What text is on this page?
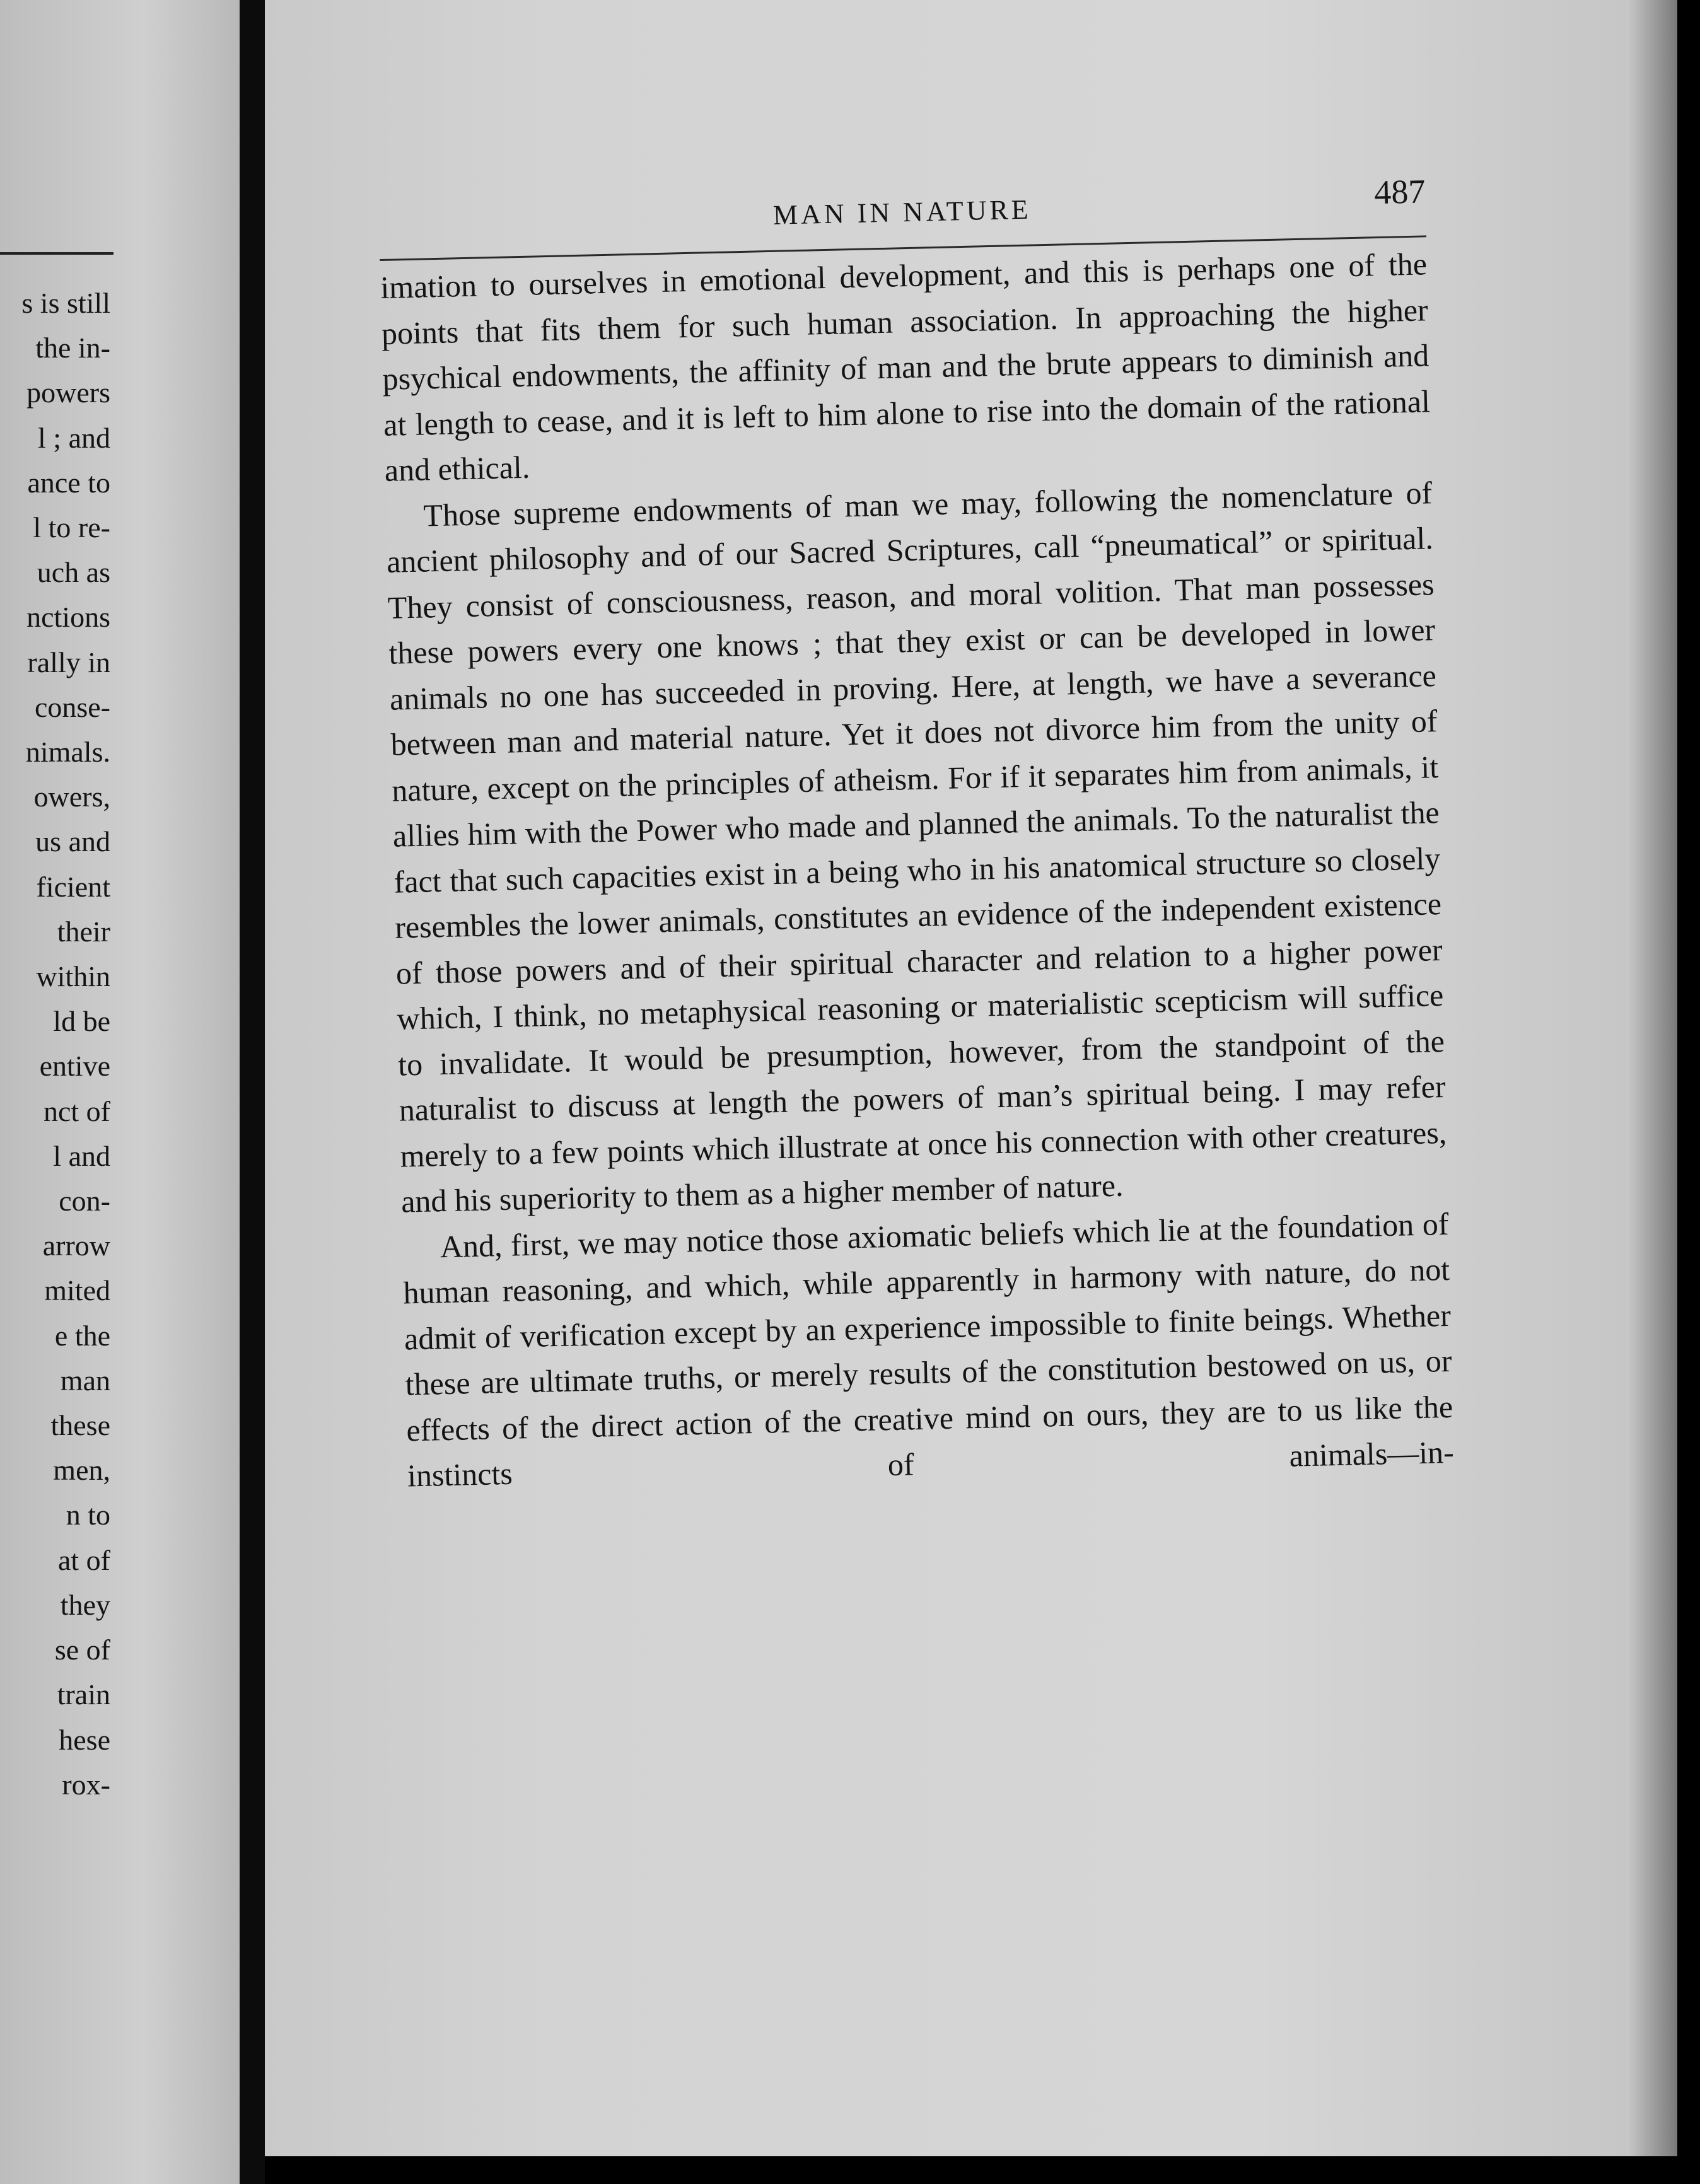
s is still
the in-
powers
l ; and
ance to
l to re-
uch as
nctions
rally in
conse-
nimals.
owers,
us and
ficient
their
within
ld be
entive
nct of
l and
con-
arrow
mited
e the
man
these
men,
n to
at of
they
se of
train
hese
rox-
MAN IN NATURE
487

imation to ourselves in emotional development, and this is perhaps one of the points that fits them for such human association. In approaching the higher psychical endowments, the affinity of man and the brute appears to diminish and at length to cease, and it is left to him alone to rise into the domain of the rational and ethical.

Those supreme endowments of man we may, following the nomenclature of ancient philosophy and of our Sacred Scriptures, call “pneumatical” or spiritual. They consist of consciousness, reason, and moral volition. That man possesses these powers every one knows ; that they exist or can be developed in lower animals no one has succeeded in proving. Here, at length, we have a severance between man and material nature. Yet it does not divorce him from the unity of nature, except on the principles of atheism. For if it separates him from animals, it allies him with the Power who made and planned the animals. To the naturalist the fact that such capacities exist in a being who in his anatomical structure so closely resembles the lower animals, constitutes an evidence of the independent existence of those powers and of their spiritual character and relation to a higher power which, I think, no metaphysical reasoning or materialistic scepticism will suffice to invalidate. It would be presumption, however, from the standpoint of the naturalist to discuss at length the powers of man’s spiritual being. I may refer merely to a few points which illustrate at once his connection with other creatures, and his superiority to them as a higher member of nature.

And, first, we may notice those axiomatic beliefs which lie at the foundation of human reasoning, and which, while apparently in harmony with nature, do not admit of verification except by an experience impossible to finite beings. Whether these are ultimate truths, or merely results of the constitution bestowed on us, or effects of the direct action of the creative mind on ours, they are to us like the instincts of animals—in-
